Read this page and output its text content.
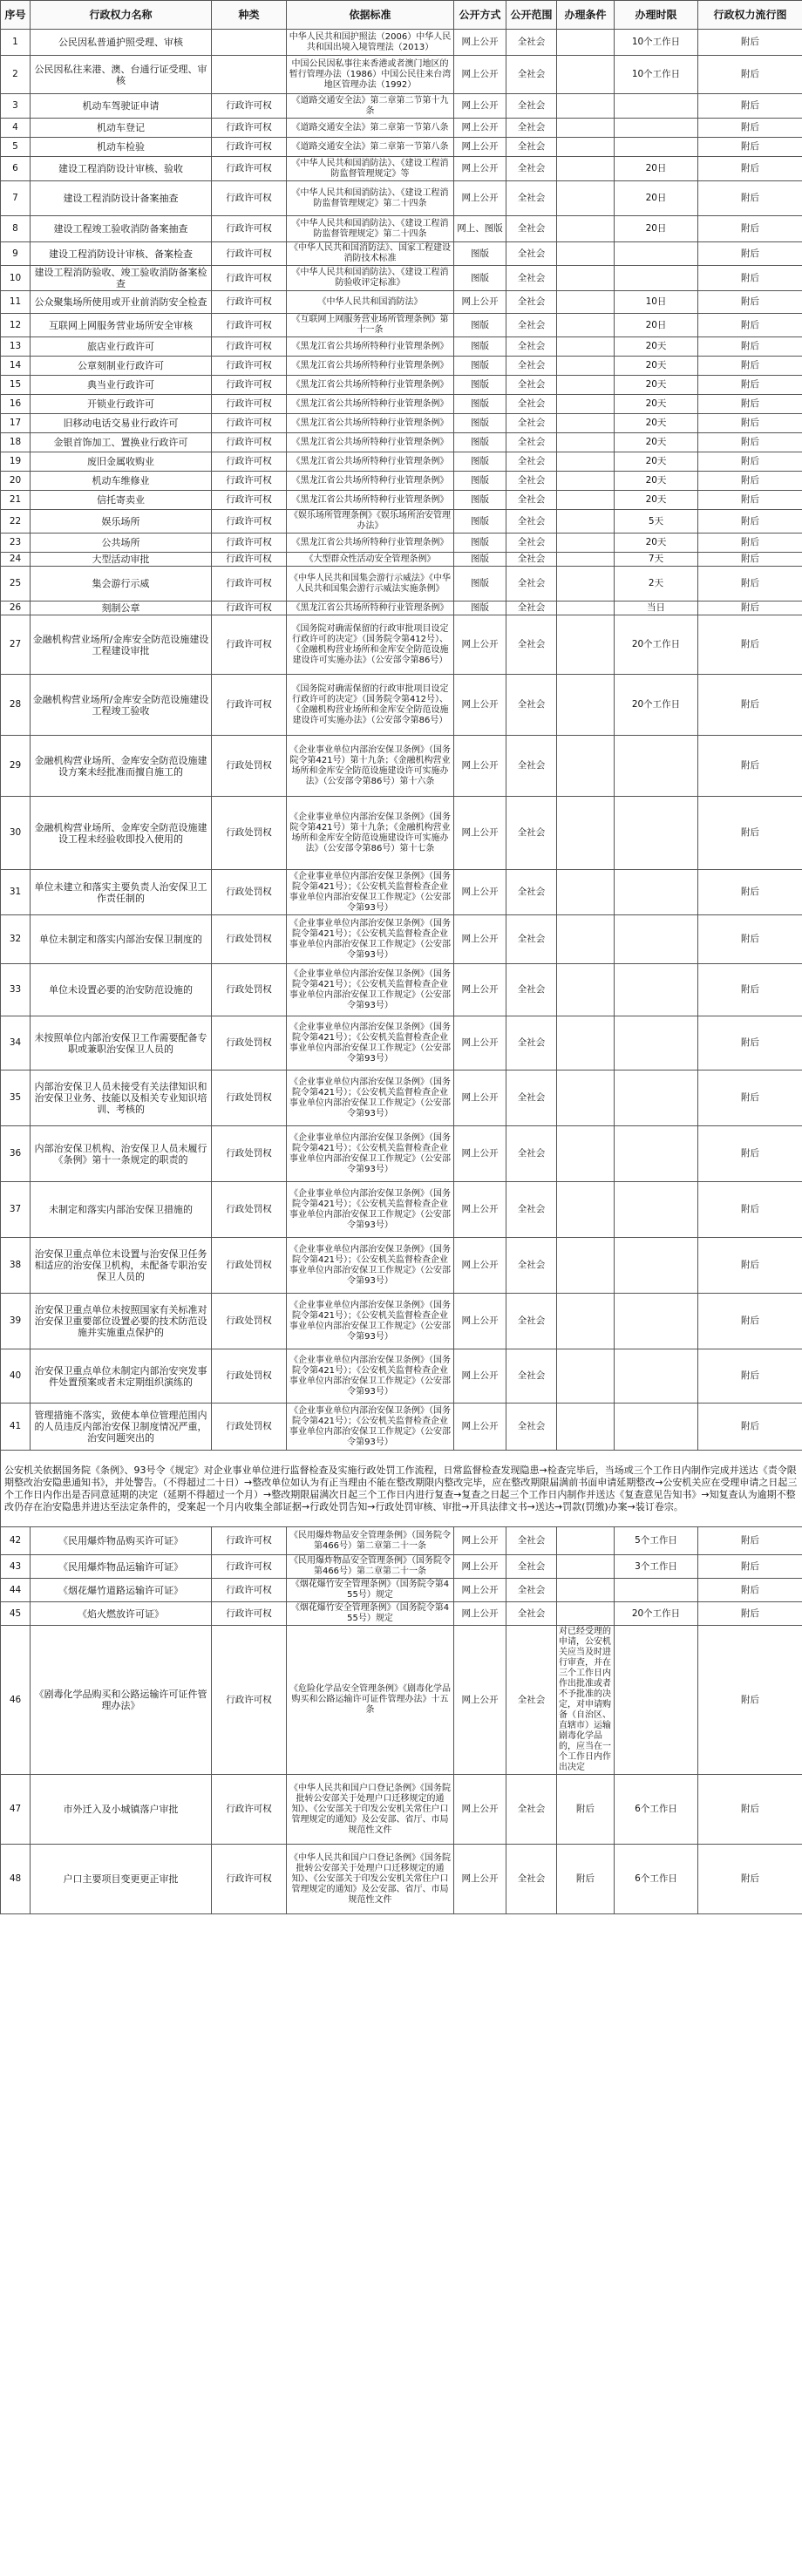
序号	行政权力名称	种类	依据标准	公开方式	公开范围	办理条件	办理时限	行政权力流行图
1	公民因私普通护照受理、审核		中华人民共和国护照法（2006）中华人民共和国出境入境管理法（2013）	网上公开	全社会		10个工作日	附后
2	公民因私往来港、澳、台通行证受理、审核		中国公民因私事往来香港或者澳门地区的暂行管理办法（1986）中国公民往来台湾地区管理办法（1992）	网上公开	全社会		10个工作日	附后
3	机动车驾驶证申请	行政许可权	《道路交通安全法》第二章第二节第十九条	网上公开	全社会			附后
4	机动车登记	行政许可权	《道路交通安全法》第二章第一节第八条	网上公开	全社会			附后
5	机动车检验	行政许可权	《道路交通安全法》第二章第一节第八条	网上公开	全社会			附后
6	建设工程消防设计审核、验收	行政许可权	《中华人民共和国消防法》、《建设工程消防监督管理规定》等	网上公开	全社会		20日	附后
7	建设工程消防设计备案抽查	行政许可权	《中华人民共和国消防法》、《建设工程消防监督管理规定》第二十四条	网上公开	全社会		20日	附后
8	建设工程竣工验收消防备案抽查	行政许可权	《中华人民共和国消防法》、《建设工程消防监督管理规定》第二十四条	网上、图版	全社会		20日	附后
9	建设工程消防设计审核、备案检查	行政许可权	《中华人民共和国消防法》、国家工程建设消防技术标准	图版	全社会			附后
10	建设工程消防验收、竣工验收消防备案检查	行政许可权	《中华人民共和国消防法》、《建设工程消防验收评定标准》	图版	全社会			附后
11	公众聚集场所使用或开业前消防安全检查	行政许可权	《中华人民共和国消防法》	网上公开	全社会		10日	附后
12	互联网上网服务营业场所安全审核	行政许可权	《互联网上网服务营业场所管理条例》第十一条	图版	全社会		20日	附后
13	旅店业行政许可	行政许可权	《黑龙江省公共场所特种行业管理条例》	图版	全社会		20天	附后
14	公章刻制业行政许可	行政许可权	《黑龙江省公共场所特种行业管理条例》	图版	全社会		20天	附后
15	典当业行政许可	行政许可权	《黑龙江省公共场所特种行业管理条例》	图版	全社会		20天	附后
16	开锁业行政许可	行政许可权	《黑龙江省公共场所特种行业管理条例》	图版	全社会		20天	附后
17	旧移动电话交易业行政许可	行政许可权	《黑龙江省公共场所特种行业管理条例》	图版	全社会		20天	附后
18	金银首饰加工、置换业行政许可	行政许可权	《黑龙江省公共场所特种行业管理条例》	图版	全社会		20天	附后
19	废旧金属收购业	行政许可权	《黑龙江省公共场所特种行业管理条例》	图版	全社会		20天	附后
20	机动车维修业	行政许可权	《黑龙江省公共场所特种行业管理条例》	图版	全社会		20天	附后
21	信托寄卖业	行政许可权	《黑龙江省公共场所特种行业管理条例》	图版	全社会		20天	附后
22	娱乐场所	行政许可权	《娱乐场所管理条例》《娱乐场所治安管理办法》	图版	全社会		5天	附后
23	公共场所	行政许可权	《黑龙江省公共场所特种行业管理条例》	图版	全社会		20天	附后
24	大型活动审批	行政许可权	《大型群众性活动安全管理条例》	图版	全社会		7天	附后
25	集会游行示威	行政许可权	《中华人民共和国集会游行示威法》《中华人民共和国集会游行示威法实施条例》	图版	全社会		2天	附后
26	刻制公章	行政许可权	《黑龙江省公共场所特种行业管理条例》	图版	全社会		当日	附后
27	金融机构营业场所/金库安全防范设施建设工程建设审批	行政许可权	《国务院对确需保留的行政审批项目设定行政许可的决定》（国务院令第412号）、《金融机构营业场所和金库安全防范设施建设许可实施办法》（公安部令第86号）	网上公开	全社会		20个工作日	附后
28	金融机构营业场所/金库安全防范设施建设工程竣工验收	行政许可权	《国务院对确需保留的行政审批项目设定行政许可的决定》（国务院令第412号）、《金融机构营业场所和金库安全防范设施建设许可实施办法》（公安部令第86号）	网上公开	全社会		20个工作日	附后
29	金融机构营业场所、金库安全防范设施建设方案未经批准而擅自施工的	行政处罚权	《企业事业单位内部治安保卫条例》（国务院令第421号）第十九条；《金融机构营业场所和金库安全防范设施建设许可实施办法》（公安部令第86号）第十六条	网上公开	全社会			附后
30	金融机构营业场所、金库安全防范设施建设工程未经验收即投入使用的	行政处罚权	《企业事业单位内部治安保卫条例》（国务院令第421号）第十九条；《金融机构营业场所和金库安全防范设施建设许可实施办法》（公安部令第86号）第十七条	网上公开	全社会			附后
31	单位未建立和落实主要负责人治安保卫工作责任制的	行政处罚权	《企业事业单位内部治安保卫条例》（国务院令第421号）；《公安机关监督检查企业事业单位内部治安保卫工作规定》（公安部令第93号）	网上公开	全社会			附后
32	单位未制定和落实内部治安保卫制度的	行政处罚权	《企业事业单位内部治安保卫条例》（国务院令第421号）；《公安机关监督检查企业事业单位内部治安保卫工作规定》（公安部令第93号）	网上公开	全社会			附后
33	单位未设置必要的治安防范设施的	行政处罚权	《企业事业单位内部治安保卫条例》（国务院令第421号）；《公安机关监督检查企业事业单位内部治安保卫工作规定》（公安部令第93号）	网上公开	全社会			附后
34	未按照单位内部治安保卫工作需要配备专职或兼职治安保卫人员的	行政处罚权	《企业事业单位内部治安保卫条例》（国务院令第421号）；《公安机关监督检查企业事业单位内部治安保卫工作规定》（公安部令第93号）	网上公开	全社会			附后
35	内部治安保卫人员未接受有关法律知识和治安保卫业务、技能以及相关专业知识培训、考核的	行政处罚权	《企业事业单位内部治安保卫条例》（国务院令第421号）；《公安机关监督检查企业事业单位内部治安保卫工作规定》（公安部令第93号）	网上公开	全社会			附后
36	内部治安保卫机构、治安保卫人员未履行《条例》第十一条规定的职责的	行政处罚权	《企业事业单位内部治安保卫条例》（国务院令第421号）；《公安机关监督检查企业事业单位内部治安保卫工作规定》（公安部令第93号）	网上公开	全社会			附后
37	未制定和落实内部治安保卫措施的	行政处罚权	《企业事业单位内部治安保卫条例》（国务院令第421号）；《公安机关监督检查企业事业单位内部治安保卫工作规定》（公安部令第93号）	网上公开	全社会			附后
38	治安保卫重点单位未设置与治安保卫任务相适应的治安保卫机构，未配备专职治安保卫人员的	行政处罚权	《企业事业单位内部治安保卫条例》（国务院令第421号）；《公安机关监督检查企业事业单位内部治安保卫工作规定》（公安部令第93号）	网上公开	全社会			附后
39	治安保卫重点单位未按照国家有关标准对治安保卫重要部位设置必要的技术防范设施并实施重点保护的	行政处罚权	《企业事业单位内部治安保卫条例》（国务院令第421号）；《公安机关监督检查企业事业单位内部治安保卫工作规定》（公安部令第93号）	网上公开	全社会			附后
40	治安保卫重点单位未制定内部治安突发事件处置预案或者未定期组织演练的	行政处罚权	《企业事业单位内部治安保卫条例》（国务院令第421号）；《公安机关监督检查企业事业单位内部治安保卫工作规定》（公安部令第93号）	网上公开	全社会			附后
41	管理措施不落实，致使本单位管理范围内的人员违反内部治安保卫制度情况严重，治安问题突出的	行政处罚权	《企业事业单位内部治安保卫条例》（国务院令第421号）；《公安机关监督检查企业事业单位内部治安保卫工作规定》（公安部令第93号）	网上公开	全社会			附后
公安机关依据国务院《条例》、93号令《规定》对企业事业单位进行监督检查及实施行政处罚工作流程，日常监督检查发现隐患→检查完毕后，当场或三个工作日内制作完成并送达《责令限期整改治安隐患通知书》，并处警告。（不得超过二十日）→整改单位如认为有正当理由不能在整改期限内整改完毕，应在整改期限届满前书面申请延期整改→公安机关应在受理申请之日起三个工作日内作出是否同意延期的决定（延期不得超过一个月）→整改期限届满次日起三个工作日内进行复查→复查之日起三个工作日内制作并送达《复查意见告知书》→知复查认为逾期不整改仍存在治安隐患并进达至法定条件的，受案起一个月内收集全部证据→行政处罚告知→行政处罚审核、审批→开具法律文书→送达→罚款(罚缴)办案→装订卷宗。								
42	《民用爆炸物品购买许可证》	行政许可权	《民用爆炸物品安全管理条例》（国务院令第466号）第二章第二十一条	网上公开	全社会		5个工作日	附后
43	《民用爆炸物品运输许可证》	行政许可权	《民用爆炸物品安全管理条例》（国务院令第466号）第二章第二十一条	网上公开	全社会		3个工作日	附后
44	《烟花爆竹道路运输许可证》	行政许可权	《烟花爆竹安全管理条例》（国务院令第455号）规定	网上公开	全社会			附后
45	《焰火燃放许可证》	行政许可权	《烟花爆竹安全管理条例》（国务院令第455号）规定	网上公开	全社会		20个工作日	附后
46	《剧毒化学品购买和公路运输许可证件管理办法》	行政许可权	《危险化学品安全管理条例》《剧毒化学品购买和公路运输许可证件管理办法》十五条	网上公开	全社会	对已经受理的申请，公安机关应当及时进行审查，并在三个工作日内作出批准或者不予批准的决定，对申请购备（自治区、直辖市）运输剧毒化学品的，应当在一个工作日内作出决定		附后
47	市外迁入及小城镇落户审批	行政许可权	《中华人民共和国户口登记条例》《国务院批转公安部关于处理户口迁移规定的通知》、《公安部关于印发公安机关常住户口管理规定的通知》及公安部、省厅、市局规范性文件	网上公开	全社会	附后	6个工作日	附后
48	户口主要项目变更更正审批	行政许可权	《中华人民共和国户口登记条例》《国务院批转公安部关于处理户口迁移规定的通知》、《公安部关于印发公安机关常住户口管理规定的通知》及公安部、省厅、市局规范性文件	网上公开	全社会	附后	6个工作日	附后
